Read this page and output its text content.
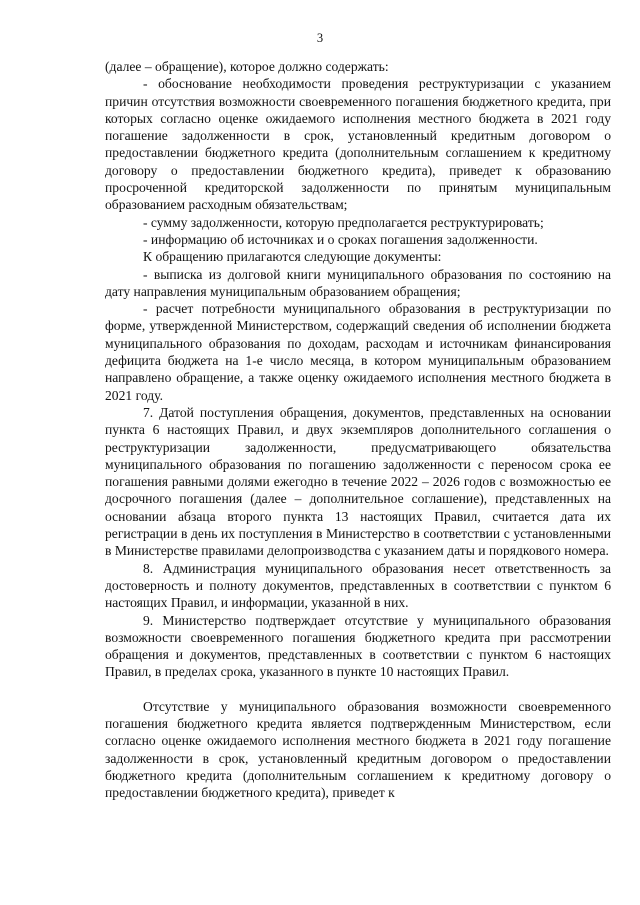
3

(далее – обращение), которое должно содержать:

- обоснование необходимости проведения реструктуризации с указанием причин отсутствия возможности своевременного погашения бюджетного кредита, при которых согласно оценке ожидаемого исполнения местного бюджета в 2021 году погашение задолженности в срок, установленный кредитным договором о предоставлении бюджетного кредита (дополнительным соглашением к кредитному договору о предоставлении бюджетного кредита), приведет к образованию просроченной кредиторской задолженности по принятым муниципальным образованием расходным обязательствам;

- сумму задолженности, которую предполагается реструктурировать;

- информацию об источниках и о сроках погашения задолженности.

К обращению прилагаются следующие документы:

- выписка из долговой книги муниципального образования по состоянию на дату направления муниципальным образованием обращения;

- расчет потребности муниципального образования в реструктуризации по форме, утвержденной Министерством, содержащий сведения об исполнении бюджета муниципального образования по доходам, расходам и источникам финансирования дефицита бюджета на 1-е число месяца, в котором муниципальным образованием направлено обращение, а также оценку ожидаемого исполнения местного бюджета в 2021 году.

7. Датой поступления обращения, документов, представленных на основании пункта 6 настоящих Правил, и двух экземпляров дополнительного соглашения о реструктуризации задолженности, предусматривающего обязательства муниципального образования по погашению задолженности с переносом срока ее погашения равными долями ежегодно в течение 2022 – 2026 годов с возможностью ее досрочного погашения (далее – дополнительное соглашение), представленных на основании абзаца второго пункта 13 настоящих Правил, считается дата их регистрации в день их поступления в Министерство в соответствии с установленными в Министерстве правилами делопроизводства с указанием даты и порядкового номера.

8. Администрация муниципального образования несет ответственность за достоверность и полноту документов, представленных в соответствии с пунктом 6 настоящих Правил, и информации, указанной в них.

9. Министерство подтверждает отсутствие у муниципального образования возможности своевременного погашения бюджетного кредита при рассмотрении обращения и документов, представленных в соответствии с пунктом 6 настоящих Правил, в пределах срока, указанного в пункте 10 настоящих Правил.

Отсутствие у муниципального образования возможности своевременного погашения бюджетного кредита является подтвержденным Министерством, если согласно оценке ожидаемого исполнения местного бюджета в 2021 году погашение задолженности в срок, установленный кредитным договором о предоставлении бюджетного кредита (дополнительным соглашением к кредитному договору о предоставлении бюджетного кредита), приведет к
